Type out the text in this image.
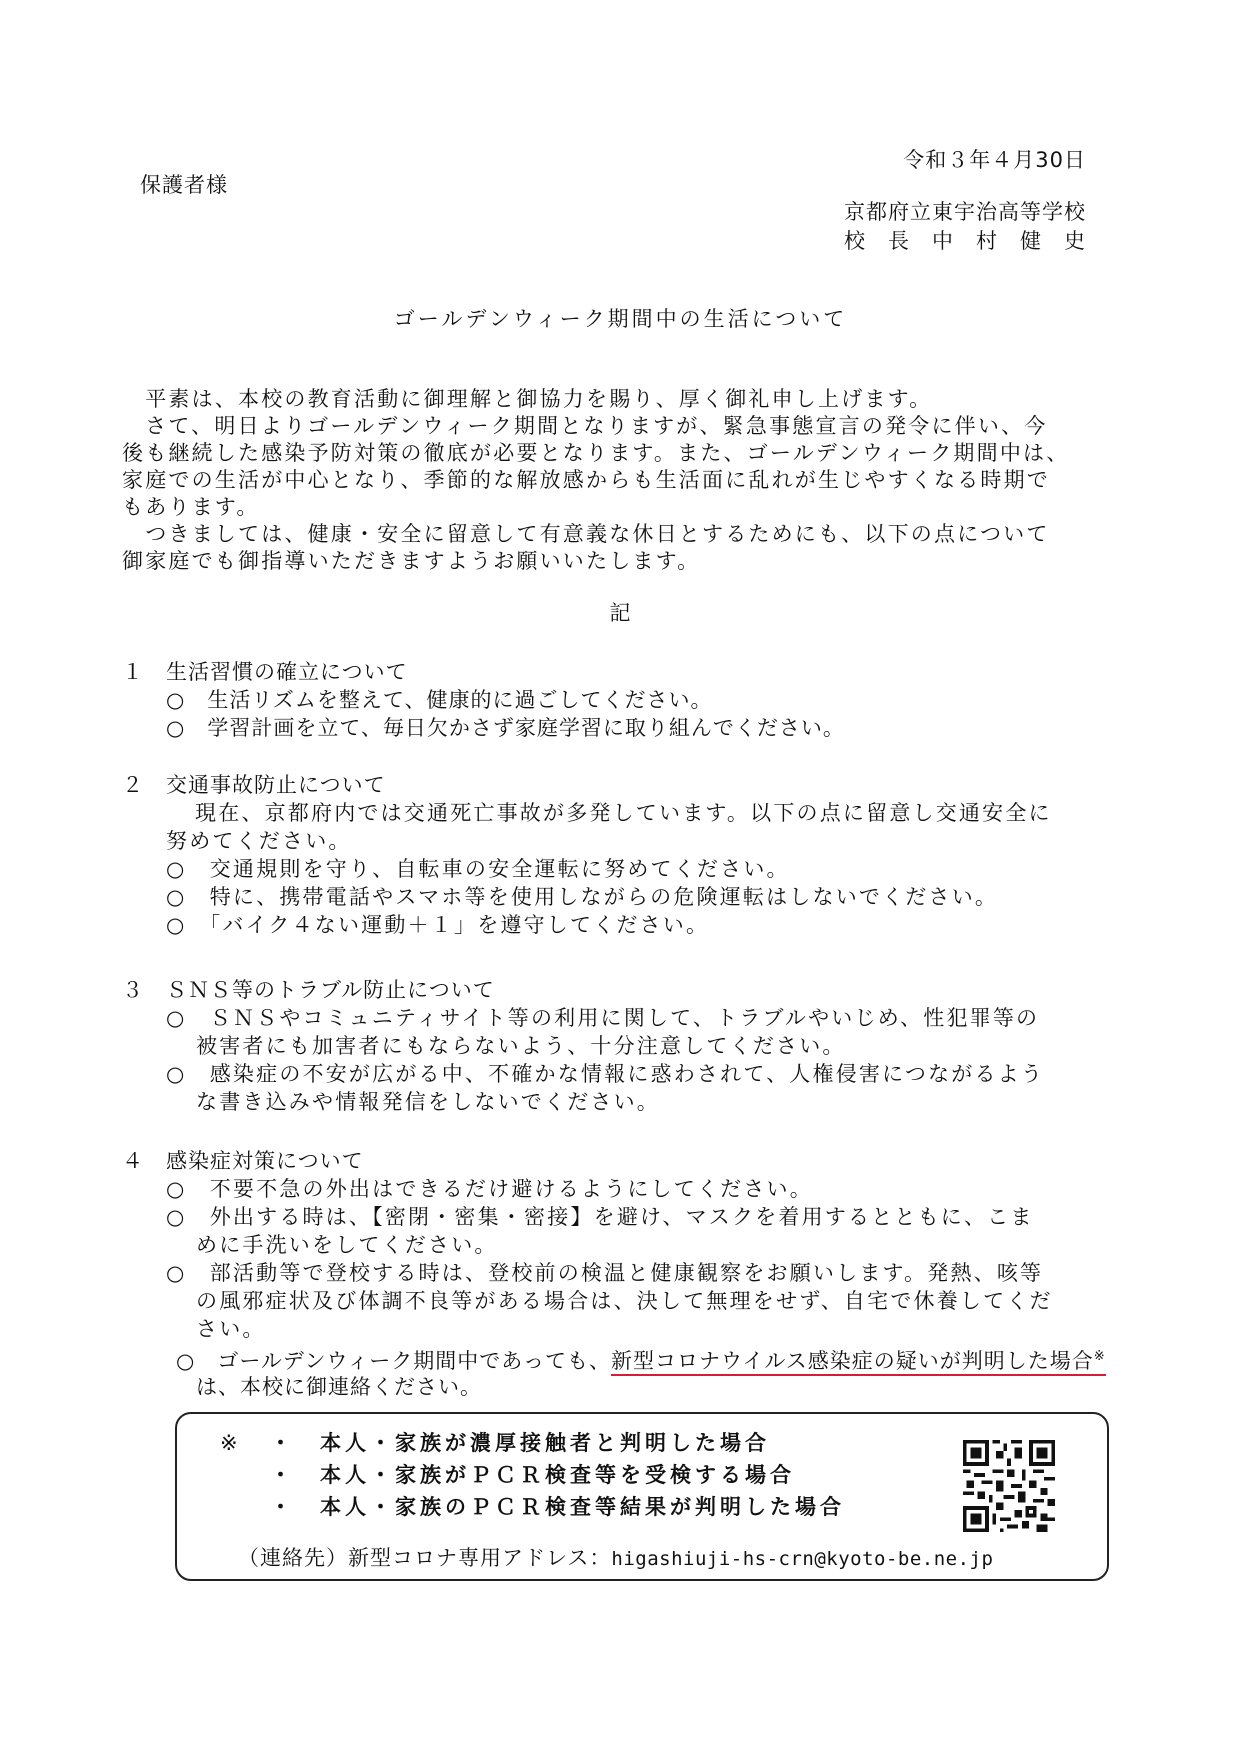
令和３年４月30日
保護者様
京都府立東宇治高等学校
校　長　中　村　健　史
ゴールデンウィーク期間中の生活について
　平素は、本校の教育活動に御理解と御協力を賜り、厚く御礼申し上げます。
　さて、明日よりゴールデンウィーク期間となりますが、緊急事態宣言の発令に伴い、今
後も継続した感染予防対策の徹底が必要となります。また、ゴールデンウィーク期間中は、
家庭での生活が中心となり、季節的な解放感からも生活面に乱れが生じやすくなる時期で
もあります。
　つきましては、健康・安全に留意して有意義な休日とするためにも、以下の点について
御家庭でも御指導いただきますようお願いいたします。
記
１ 生活習慣の確立について
○　生活リズムを整えて、健康的に過ごしてください。
○　学習計画を立て、毎日欠かさず家庭学習に取り組んでください。
２ 交通事故防止について
現在、京都府内では交通死亡事故が多発しています。以下の点に留意し交通安全に
努めてください。
○　交通規則を守り、自転車の安全運転に努めてください。
○　特に、携帯電話やスマホ等を使用しながらの危険運転はしないでください。
○　「バイク４ない運動＋１」を遵守してください。
３ ＳＮＳ等のトラブル防止について
○　ＳＮＳやコミュニティサイト等の利用に関して、トラブルやいじめ、性犯罪等の
被害者にも加害者にもならないよう、十分注意してください。
○　感染症の不安が広がる中、不確かな情報に惑わされて、人権侵害につながるよう
な書き込みや情報発信をしないでください。
４ 感染症対策について
○　不要不急の外出はできるだけ避けるようにしてください。
○　外出する時は、【密閉・密集・密接】を避け、マスクを着用するとともに、こま
めに手洗いをしてください。
○　部活動等で登校する時は、登校前の検温と健康観察をお願いします。発熱、咳等
の風邪症状及び体調不良等がある場合は、決して無理をせず、自宅で休養してくだ
さい。
○　ゴールデンウィーク期間中であっても、新型コロナウイルス感染症の疑いが判明した場合※
は、本校に御連絡ください。
※ ・　本人・家族が濃厚接触者と判明した場合
・　本人・家族がＰＣＲ検査等を受検する場合
・　本人・家族のＰＣＲ検査等結果が判明した場合
（連絡先）新型コロナ専用アドレス：higashiuji-hs-crn@kyoto-be.ne.jp
